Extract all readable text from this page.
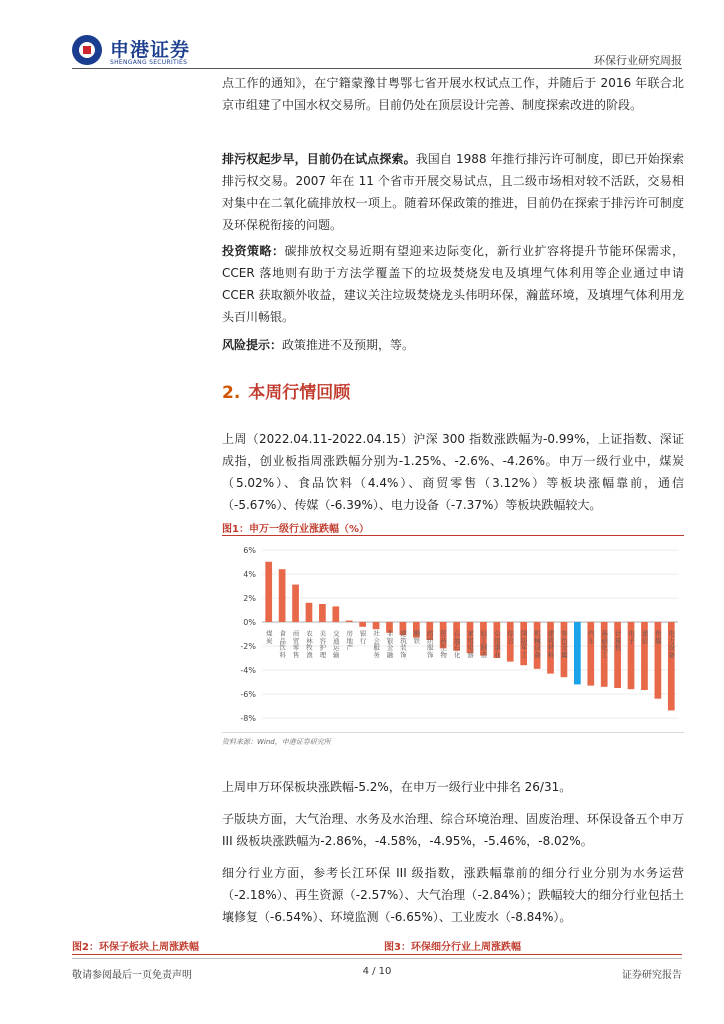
申港证券
SHENGANG SECURITIES	环保行业研究周报
点工作的通知》，在宁籍蒙豫甘粤鄂七省开展水权试点工作，并随后于 2016 年联合北京市组建了中国水权交易所。目前仍处在顶层设计完善、制度探索改进的阶段。
排污权起步早，目前仍在试点探索。我国自 1988 年推行排污许可制度，即已开始探索排污权交易。2007 年在 11 个省市开展交易试点，且二级市场相对较不活跃，交易相对集中在二氧化硫排放权一项上。随着环保政策的推进，目前仍在探索于排污许可制度及环保税衔接的问题。
投资策略：碳排放权交易近期有望迎来边际变化，新行业扩容将提升节能环保需求，CCER 落地则有助于方法学覆盖下的垃圾焚烧发电及填埋气体利用等企业通过申请 CCER 获取额外收益，建议关注垃圾焚烧龙头伟明环保，瀚蓝环境，及填埋气体利用龙头百川畅银。
风险提示：政策推进不及预期，等。
2. 本周行情回顾
上周（2022.04.11-2022.04.15）沪深 300 指数涨跌幅为-0.99%，上证指数、深证成指，创业板指周涨跌幅分别为-1.25%、-2.6%、-4.26%。申万一级行业中，煤炭（5.02%）、食品饮料（4.4%）、商贸零售（3.12%）等板块涨幅靠前，通信（-5.67%）、传媒（-6.39%）、电力设备（-7.37%）等板块跌幅较大。
图1：申万一级行业涨跌幅（%）
6%
4%
2%
0%
-2%
-4%
-6%
-8%
煤炭
食品饮料
商贸零售
农林牧渔
美容护理
交通运输
房地产
银行
社会服务
非银金融
建筑装饰
钢铁
纺织服饰
医药生物
石油石化
家用电器
轻工制造
公用事业
综合
国防军工
机械设备
建筑材料
有色金属
环保
汽车
基础化工
计算机
电子
通信
传媒
电力设备
资料来源：Wind，申港证券研究所
上周申万环保板块涨跌幅-5.2%，在申万一级行业中排名 26/31。
子版块方面，大气治理、水务及水治理、综合环境治理、固废治理、环保设备五个申万 III 级板块涨跌幅为-2.86%，-4.58%，-4.95%，-5.46%，-8.02%。
细分行业方面，参考长江环保 III 级指数，涨跌幅靠前的细分行业分别为水务运营（-2.18%）、再生资源（-2.57%）、大气治理（-2.84%）；跌幅较大的细分行业包括土壤修复（-6.54%）、环境监测（-6.65%）、工业废水（-8.84%）。
图2：环保子板块上周涨跌幅	图3：环保细分行业上周涨跌幅
敬请参阅最后一页免责声明	4 / 10	证券研究报告
